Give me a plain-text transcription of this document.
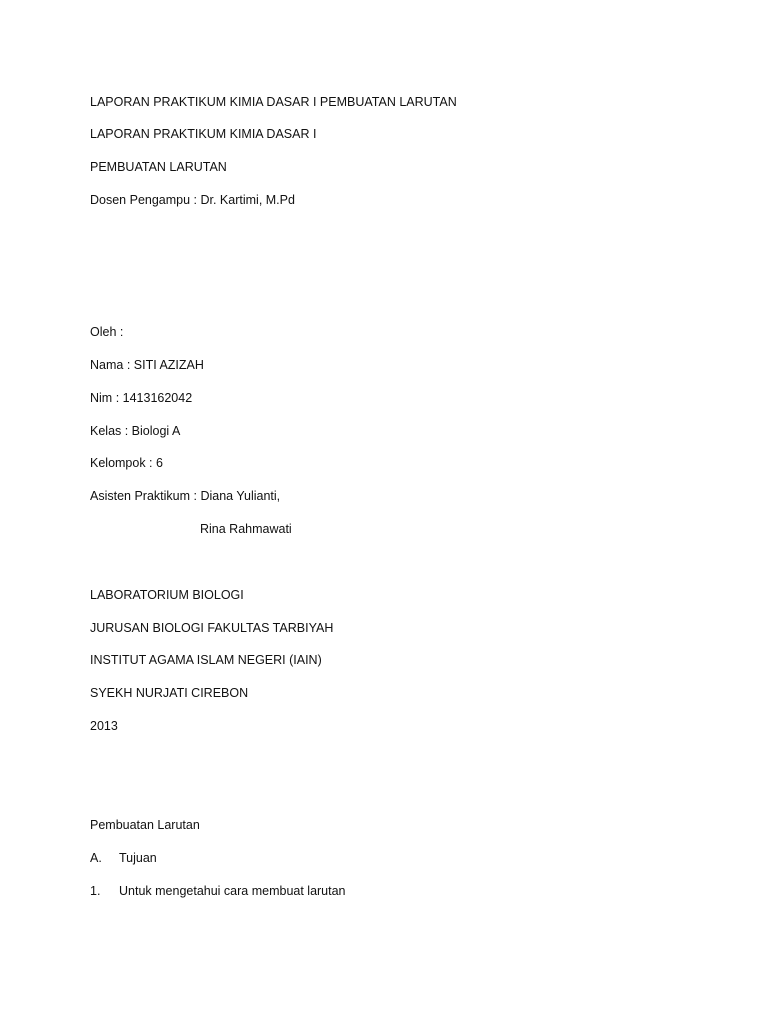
LAPORAN PRAKTIKUM KIMIA DASAR I PEMBUATAN LARUTAN
LAPORAN PRAKTIKUM KIMIA DASAR I
PEMBUATAN LARUTAN
Dosen Pengampu : Dr. Kartimi, M.Pd
Oleh :
Nama : SITI AZIZAH
Nim : 1413162042
Kelas : Biologi A
Kelompok : 6
Asisten Praktikum : Diana Yulianti,
Rina Rahmawati
LABORATORIUM BIOLOGI
JURUSAN BIOLOGI FAKULTAS TARBIYAH
INSTITUT AGAMA ISLAM NEGERI (IAIN)
SYEKH NURJATI CIREBON
2013
Pembuatan Larutan
A. Tujuan
1. Untuk mengetahui cara membuat larutan
